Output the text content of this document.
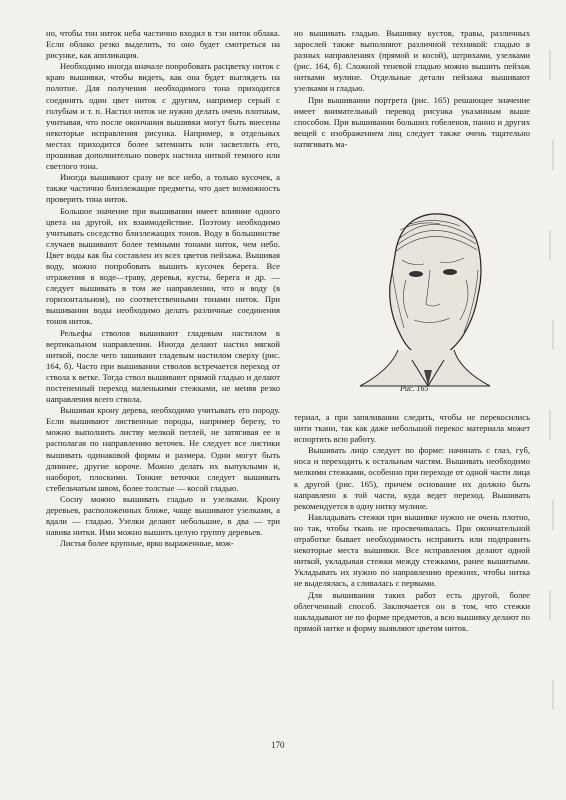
но, чтобы тон ниток неба частично входил в тэн ниток облака. Если облако резко выделить, то оно будет смотреться на рисунке, как аппликация.

Необходимо иногда вначале попробовать расцветку ниток с краю вышивки, чтобы видеть, как она будет выглядеть на полотне. Для получения необходимого тона приходится соединять один цвет ниток с другим, например серый с голубым и т. п. Настил ниток не нужно делать очень плотным, учитывая, что после окончания вышивки могут быть внесены некоторые исправления рисунка. Например, в отдельных местах приходится более затемнить или засветлить его, прошивая дополнительно поверх настила ниткой темного или светлого тона.

Иногда вышивают сразу не все небо, а только кусочек, а также частично близлежащие предметы, что дает возможность проверить тона ниток.

Большое значение при вышивании имеет влияние одного цвета на другой, их взаимодействие. Поэтому необходимо учитывать соседство близлежащих тонов. Воду в большинстве случаев вышивают более темными тонами ниток, чем небо. Цвет воды как бы составлен из всех цветов пейзажа. Вышивая воду, можно попробовать вышить кусочек берега. Все отражения в воде—траву, деревья, кусты, берега и др. — следует вышивать в том же направлении, что и воду (в горизонтальном), но соответственными тонами ниток. При вышивании воды необходимо делать различные соединения тонов ниток.

Рельефы стволов вышивают гладевым настилом в вертикальном направлении. Иногда делают настил мягкой ниткой, после чего зашивают гладевым настилом сверху (рис. 164, б). Часто при вышивании стволов встречается переход от ствола к ветке. Тогда ствол вышивают прямой гладью и делают постепенный переход маленькими стежками, не меняя резко направления всего ствола.

Вышивая крону дерева, необходимо учитывать его породу. Если вышивают лиственные породы, например березу, то можно выполнить листву мелкой петлей, не затягивая ее и располагая по направлению веточек. Не следует все листики вышивать одинаковой формы и размера. Одни могут быть длиннее, другие короче. Можно делать их выпуклыми и, наоборот, плоскими. Тонкие веточки следует вышивать стебельчатым швом, более толстые — косой гладью.

Сосну можно вышивать гладью и узелками. Крону деревьев, расположенных ближе, чаще вышивают узелками, а вдали — гладью. Узелки делают небольшие, в два — три навива нитки. Ими можно вышить целую группу деревьев.

Листья более крупные, ярко выраженные, мож-

но вышивать гладью. Вышивку кустов, травы, различных зарослей также выполняют различной техникой: гладью в разных направлениях (прямой и косой), штрихами, узелками (рис. 164, б). Сложной теневой гладью можно вышить пейзаж нитками мулине. Отдельные детали пейзажа вышивают узелками и гладью.

При вышивании портрета (рис. 165) решающее значение имеет внимательный перевод рисунка указанным выше способом. При вышивании больших гобеленов, панно и других вещей с изображением лиц следует также очень тщательно натягивать ма-

Рис. 165

териал, а при запяливании следить, чтобы не перекосились нити ткани, так как даже небольшой перекос материала может испортить всю работу.

Вышивать лицо следует по форме: начинать с глаз, губ, носа и переходить к остальным частям. Вышивать необходимо мелкими стежками, особенно при переходе от одной части лица к другой (рис. 165), причем основание их должно быть направлено к той части, куда ведет переход. Вышивать рекомендуется в одну нитку мулине.

Накладывать стежки при вышивке нужно не очень плотно, но так, чтобы ткань не просвечивалась. При окончательной отработке бывает необходимость исправить или подправить некоторые места вышивки. Все исправления делают одной ниткой, укладывая стежки между стежками, ранее вышитыми. Укладывать их нужно по направлению прежних, чтобы нитка не выделялась, а сливалась с первыми.

Для вышивания таких работ есть другой, более облегченный способ. Заключается он в том, что стежки накладывают не по форме предметов, а всю вышивку делают по прямой нитке и форму выявляют цветом ниток.

170
